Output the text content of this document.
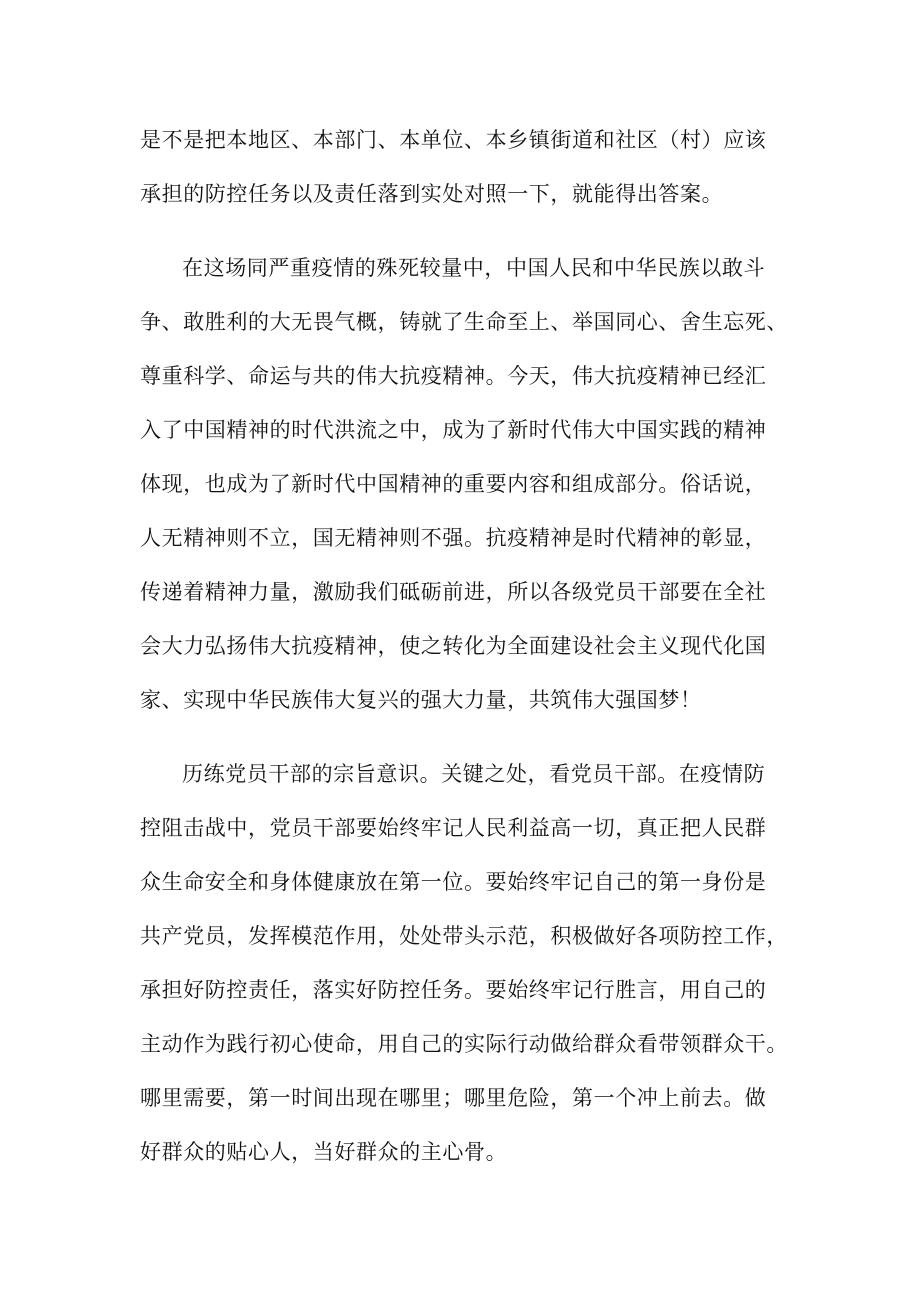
是不是把本地区、本部门、本单位、本乡镇街道和社区（村）应该
承担的防控任务以及责任落到实处对照一下，就能得出答案。
在这场同严重疫情的殊死较量中，中国人民和中华民族以敢斗
争、敢胜利的大无畏气概，铸就了生命至上、举国同心、舍生忘死、
尊重科学、命运与共的伟大抗疫精神。今天，伟大抗疫精神已经汇
入了中国精神的时代洪流之中，成为了新时代伟大中国实践的精神
体现，也成为了新时代中国精神的重要内容和组成部分。俗话说，
人无精神则不立，国无精神则不强。抗疫精神是时代精神的彰显，
传递着精神力量，激励我们砥砺前进，所以各级党员干部要在全社
会大力弘扬伟大抗疫精神，使之转化为全面建设社会主义现代化国
家、实现中华民族伟大复兴的强大力量，共筑伟大强国梦！
历练党员干部的宗旨意识。关键之处，看党员干部。在疫情防
控阻击战中，党员干部要始终牢记人民利益高一切，真正把人民群
众生命安全和身体健康放在第一位。要始终牢记自己的第一身份是
共产党员，发挥模范作用，处处带头示范，积极做好各项防控工作，
承担好防控责任，落实好防控任务。要始终牢记行胜言，用自己的
主动作为践行初心使命，用自己的实际行动做给群众看带领群众干。
哪里需要，第一时间出现在哪里；哪里危险，第一个冲上前去。做
好群众的贴心人，当好群众的主心骨。
